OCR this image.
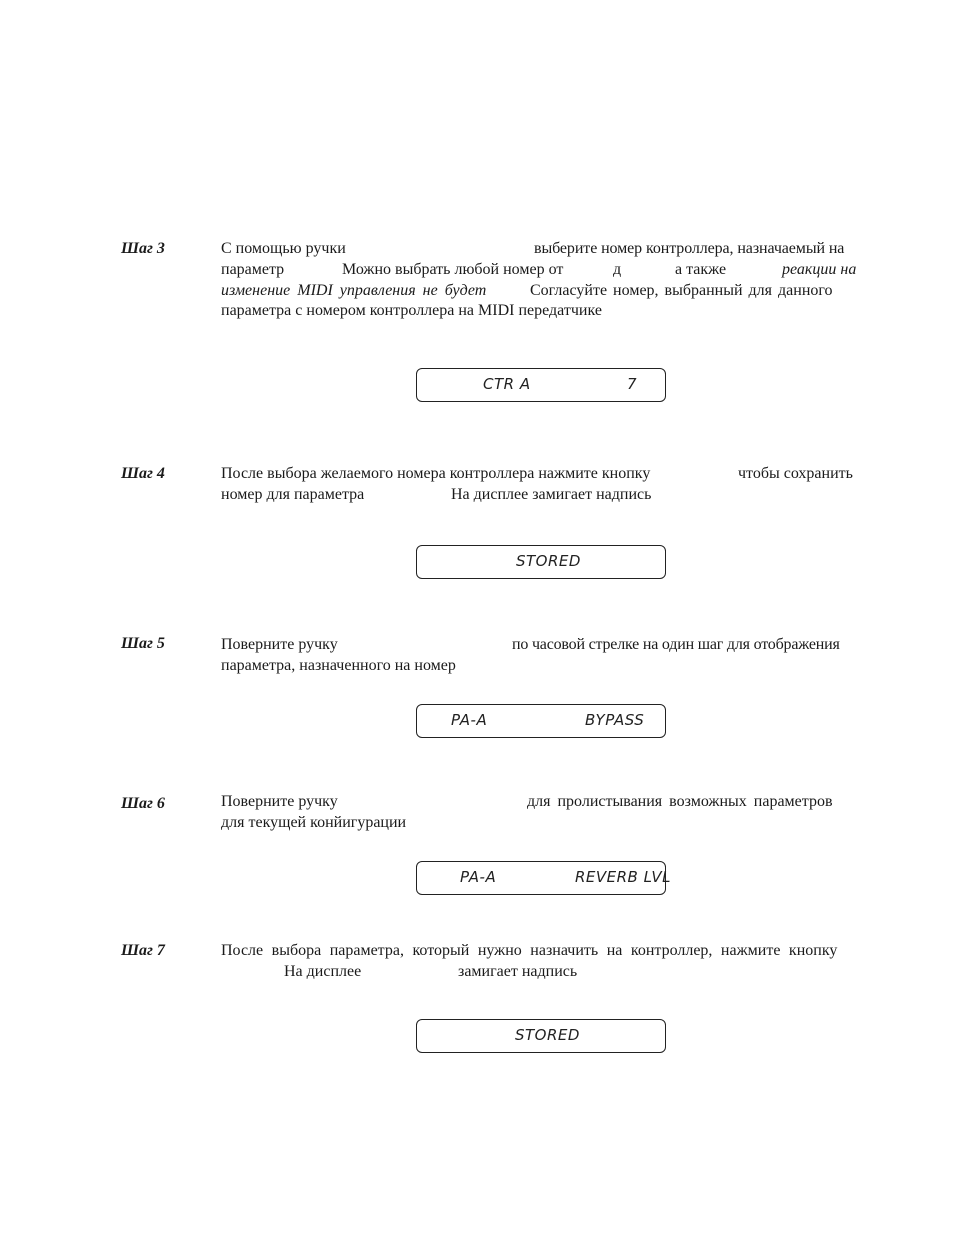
Шаг 3	С помощью ручки	выберите номер контроллера, назначаемый на
параметр	Можно выбрать любой номер от	д	а также	реакции на
изменение MIDI управления не будет	Согласуйте номер, выбранный для данного
параметра с номером контроллера на MIDI передатчике
CTR A	7
Шаг 4	После выбора желаемого номера контроллера нажмите кнопку	чтобы сохранить
номер для параметра	На дисплее замигает надпись
STORED
Шаг 5	Поверните ручку	по часовой стрелке на один шаг для отображения
параметра, назначенного на номер
PA-A	BYPASS
Шаг 6	Поверните ручку	для пролистывания возможных параметров
для текущей конйигурации
PA-A	REVERB LVL
Шаг 7	После выбора параметра, который нужно назначить на контроллер, нажмите кнопку
На дисплее	замигает надпись
STORED
